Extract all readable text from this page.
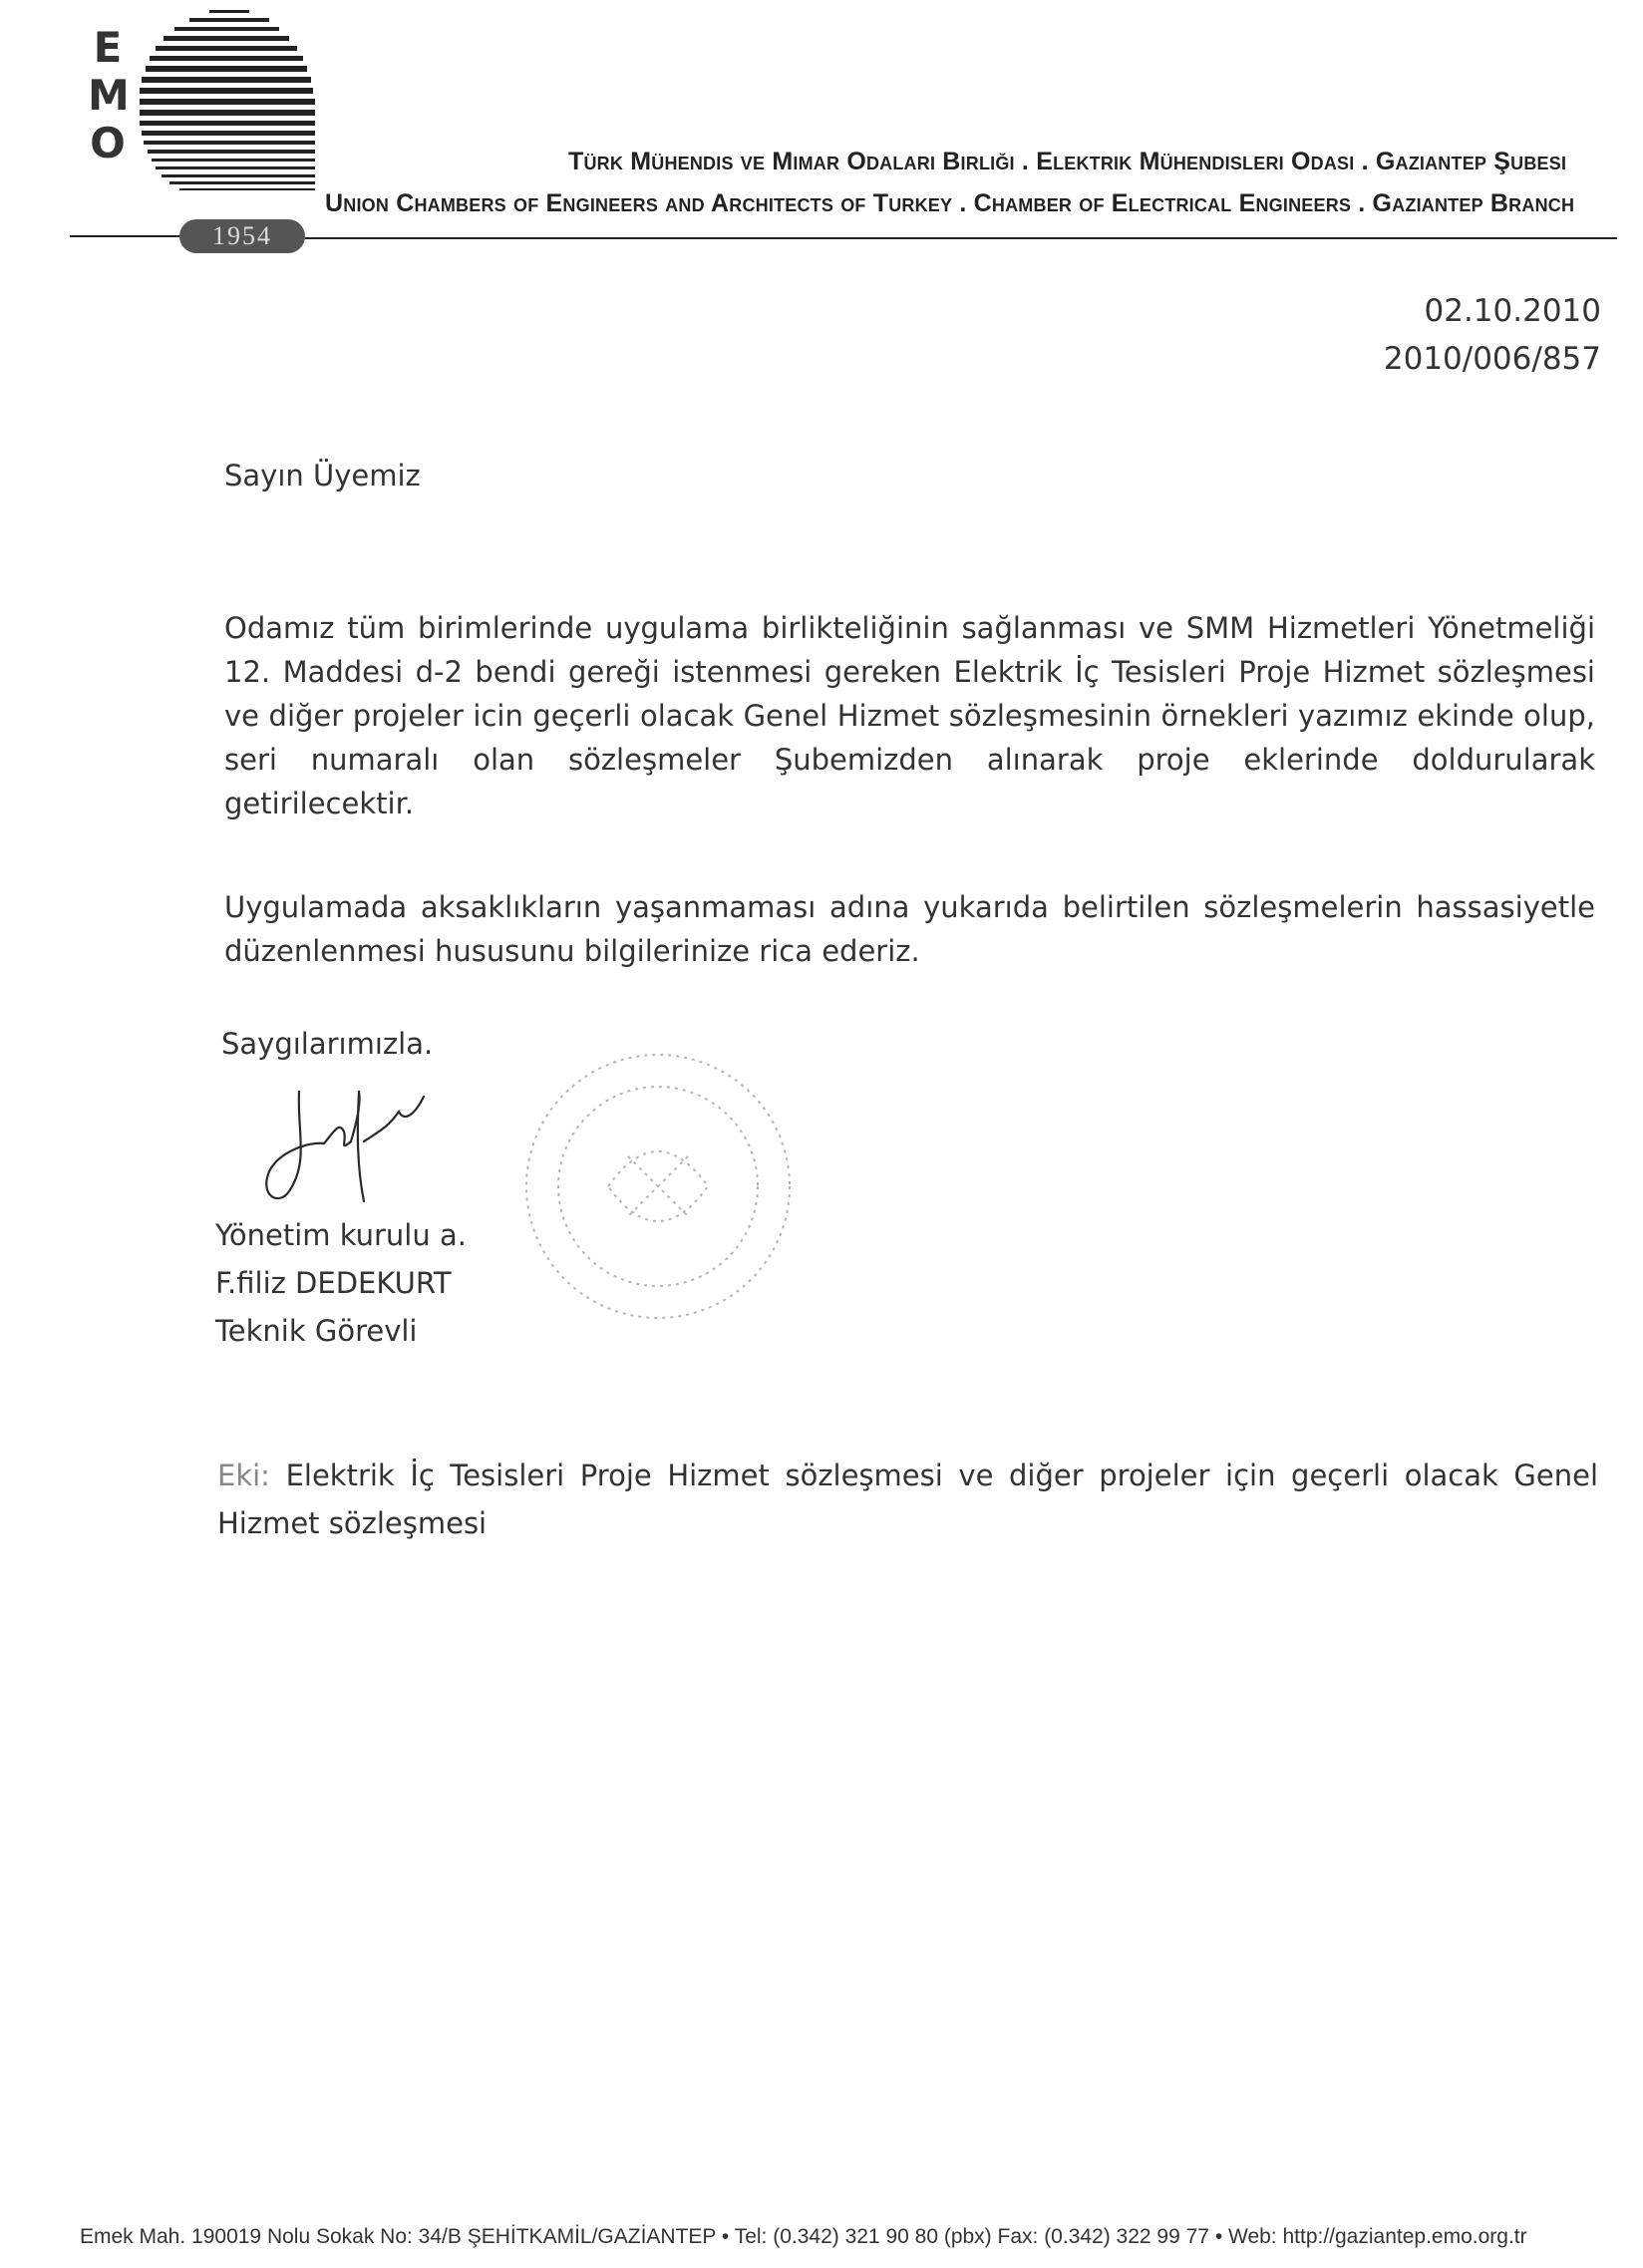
E
M
O	Türk Mühendis ve Mimar Odaları Birliği . Elektrik Mühendisleri Odası . Gaziantep Şubesi
Union Chambers of Engineers and Architects of Turkey . Chamber of Electrical Engineers . Gaziantep Branch
1954
02.10.2010
2010/006/857
Sayın Üyemiz
Odamız tüm birimlerinde uygulama birlikteliğinin sağlanması ve SMM Hizmetleri Yönetmeliği 12. Maddesi d-2 bendi gereği istenmesi gereken Elektrik İç Tesisleri Proje Hizmet sözleşmesi ve diğer projeler icin geçerli olacak Genel Hizmet sözleşmesinin örnekleri yazımız ekinde olup, seri numaralı olan sözleşmeler Şubemizden alınarak proje eklerinde doldurularak getirilecektir.
Uygulamada aksaklıkların yaşanmaması adına yukarıda belirtilen sözleşmelerin hassasiyetle düzenlenmesi hususunu bilgilerinize rica ederiz.
Saygılarımızla.
Yönetim kurulu a.
F.filiz DEDEKURT
Teknik Görevli
Eki: Elektrik İç Tesisleri Proje Hizmet sözleşmesi ve diğer projeler için geçerli olacak Genel Hizmet sözleşmesi
Emek Mah. 190019 Nolu Sokak No: 34/B ŞEHİTKAMİL/GAZİANTEP • Tel: (0.342) 321 90 80 (pbx) Fax: (0.342) 322 99 77 • Web: http://gaziantep.emo.org.tr
